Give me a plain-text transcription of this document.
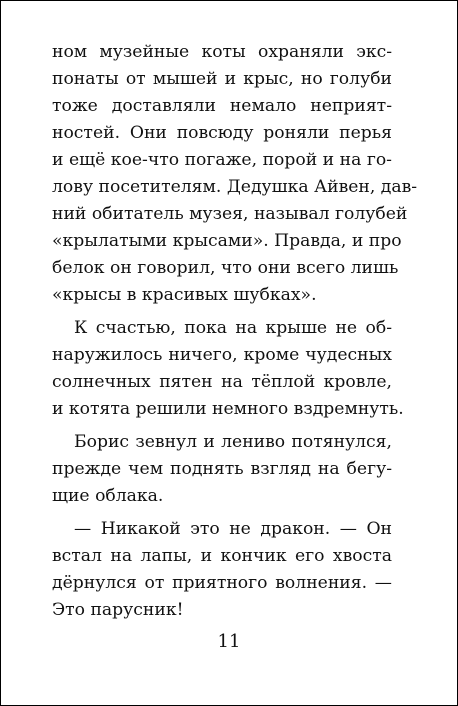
ном музейные коты охраняли экс-
понаты от мышей и крыс, но голуби
тоже доставляли немало неприят-
ностей. Они повсюду роняли перья
и ещё кое-что погаже, порой и на го-
лову посетителям. Дедушка Айвен, дав-
ний обитатель музея, называл голубей
«крылатыми крысами». Правда, и про
белок он говорил, что они всего лишь
«крысы в красивых шубках».
К счастью, пока на крыше не об-
наружилось ничего, кроме чудесных
солнечных пятен на тёплой кровле,
и котята решили немного вздремнуть.
Борис зевнул и лениво потянулся,
прежде чем поднять взгляд на бегу-
щие облака.
— Никакой это не дракон. — Он
встал на лапы, и кончик его хвоста
дёрнулся от приятного волнения. —
Это парусник!
11
